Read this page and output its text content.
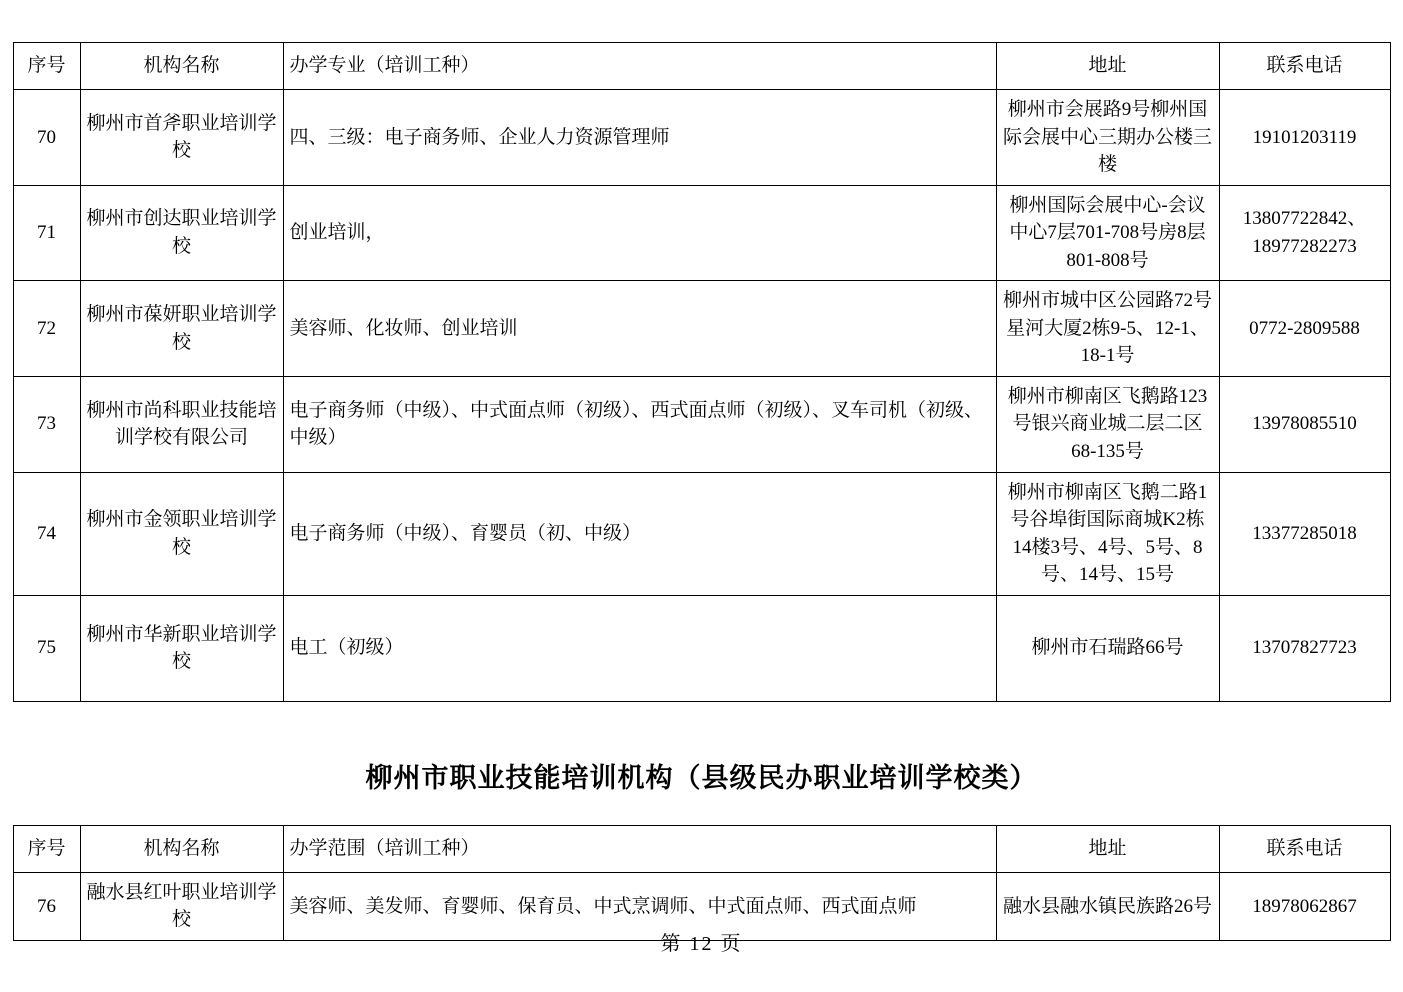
序号	机构名称	办学专业（培训工种）	地址	联系电话
70	柳州市首斧职业培训学校	四、三级：电子商务师、企业人力资源管理师	柳州市会展路9号柳州国际会展中心三期办公楼三楼	19101203119
71	柳州市创达职业培训学校	创业培训，	柳州国际会展中心-会议中心7层701-708号房8层801-808号	13807722842、18977282273
72	柳州市葆妍职业培训学校	美容师、化妆师、创业培训	柳州市城中区公园路72号星河大厦2栋9-5、12-1、18-1号	0772-2809588
73	柳州市尚科职业技能培训学校有限公司	电子商务师（中级）、中式面点师（初级）、西式面点师（初级）、叉车司机（初级、中级）	柳州市柳南区飞鹅路123号银兴商业城二层二区68-135号	13978085510
74	柳州市金领职业培训学校	电子商务师（中级）、育婴员（初、中级）	柳州市柳南区飞鹅二路1号谷埠街国际商城K2栋14楼3号、4号、5号、8号、14号、15号	13377285018
75	柳州市华新职业培训学校	电工（初级）	柳州市石瑞路66号	13707827723
柳州市职业技能培训机构（县级民办职业培训学校类）
序号	机构名称	办学范围（培训工种）	地址	联系电话
76	融水县红叶职业培训学校	美容师、美发师、育婴师、保育员、中式烹调师、中式面点师、西式面点师	融水县融水镇民族路26号	18978062867
第 12 页
